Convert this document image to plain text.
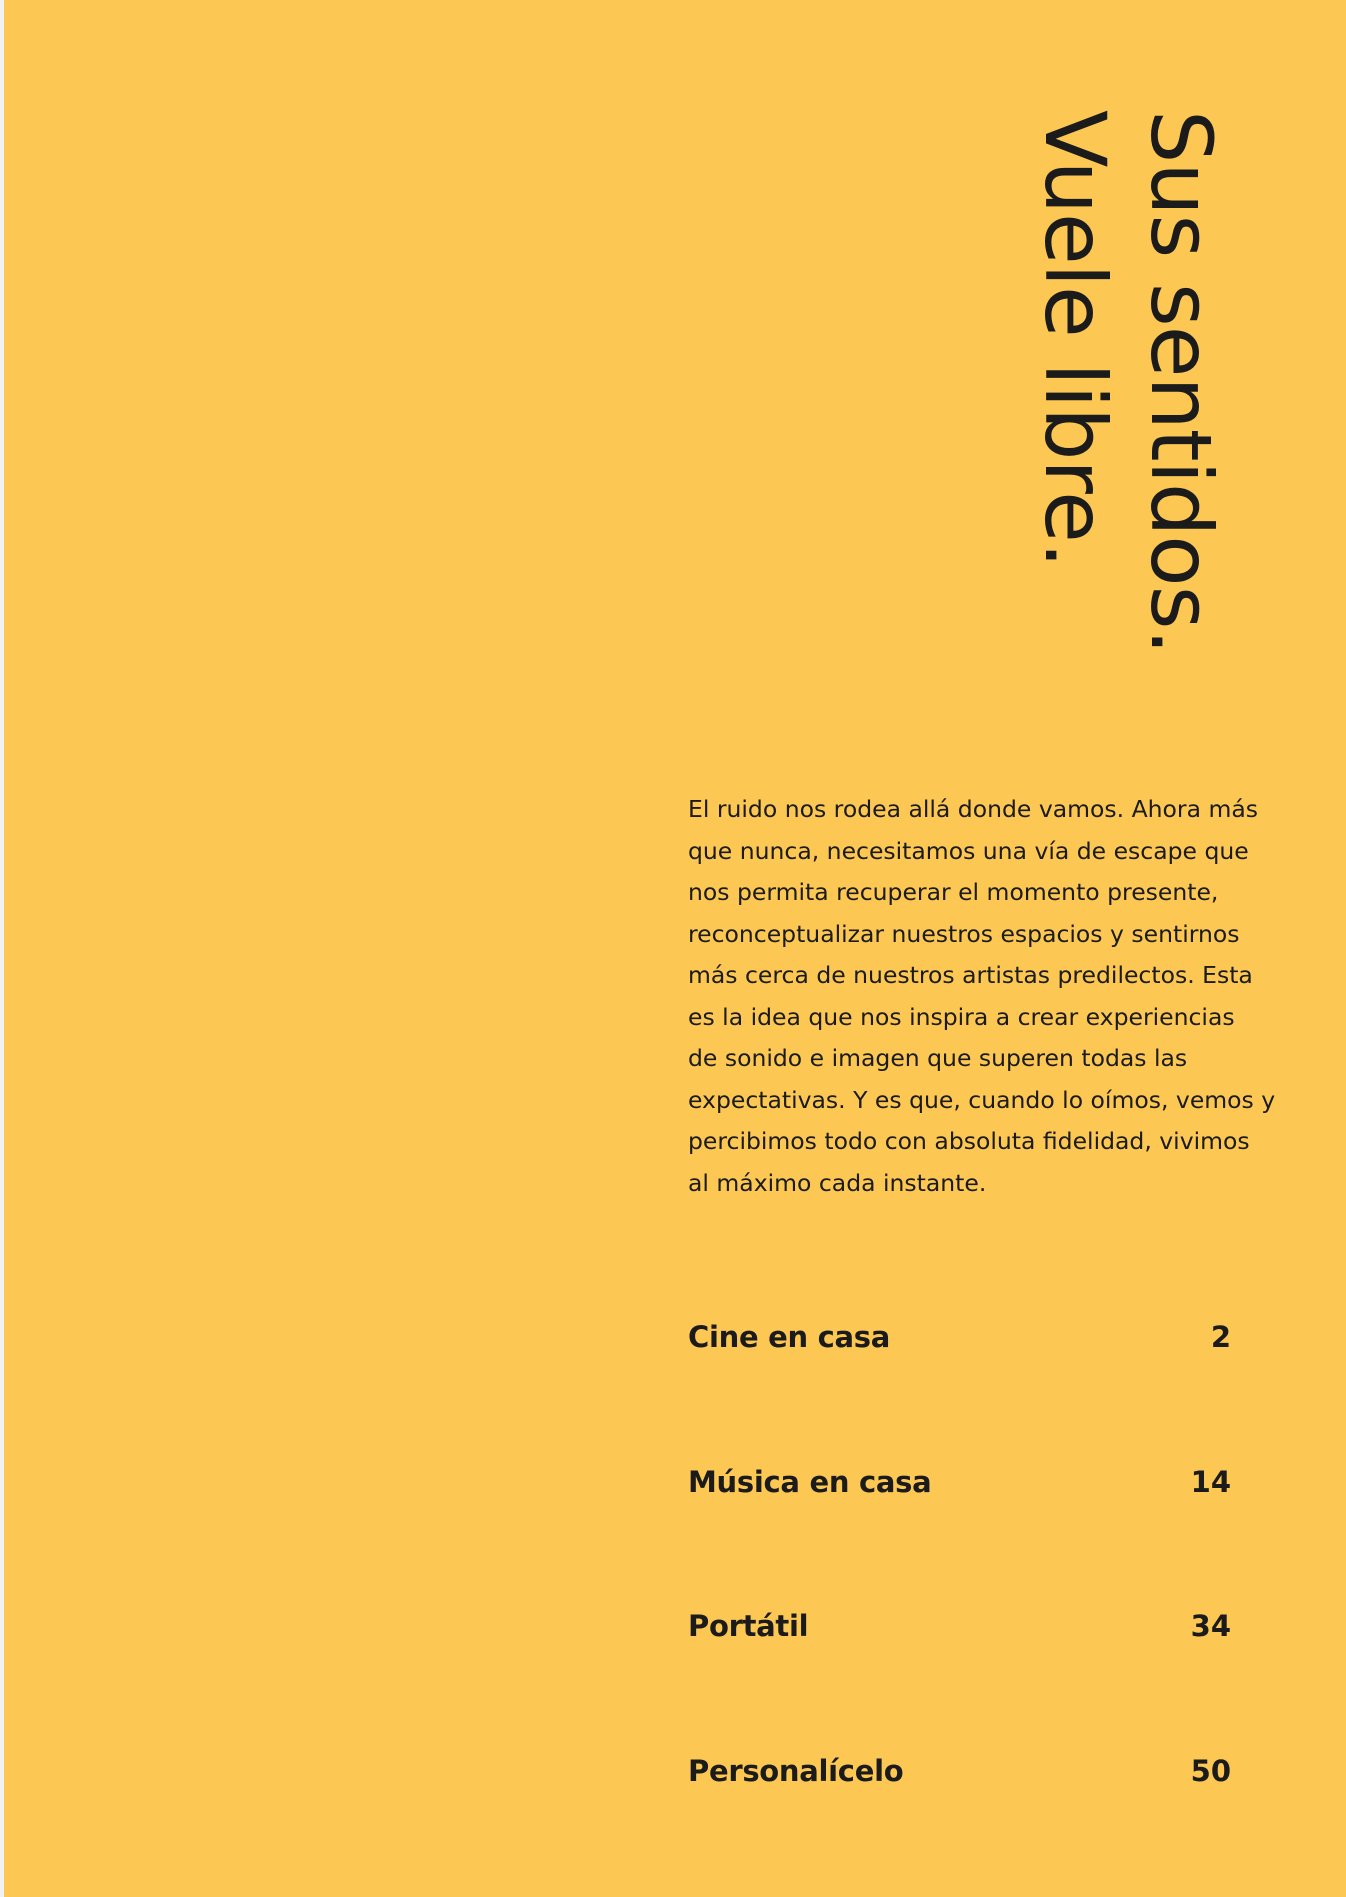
Sus sentidos.
Vuele libre.
El ruido nos rodea allá donde vamos. Ahora más
que nunca, necesitamos una vía de escape que
nos permita recuperar el momento presente,
reconceptualizar nuestros espacios y sentirnos
más cerca de nuestros artistas predilectos. Esta
es la idea que nos inspira a crear experiencias
de sonido e imagen que superen todas las
expectativas. Y es que, cuando lo oímos, vemos y
percibimos todo con absoluta fidelidad, vivimos
al máximo cada instante.
Cine en casa	2
Música en casa	14
Portátil	34
Personalícelo	50
